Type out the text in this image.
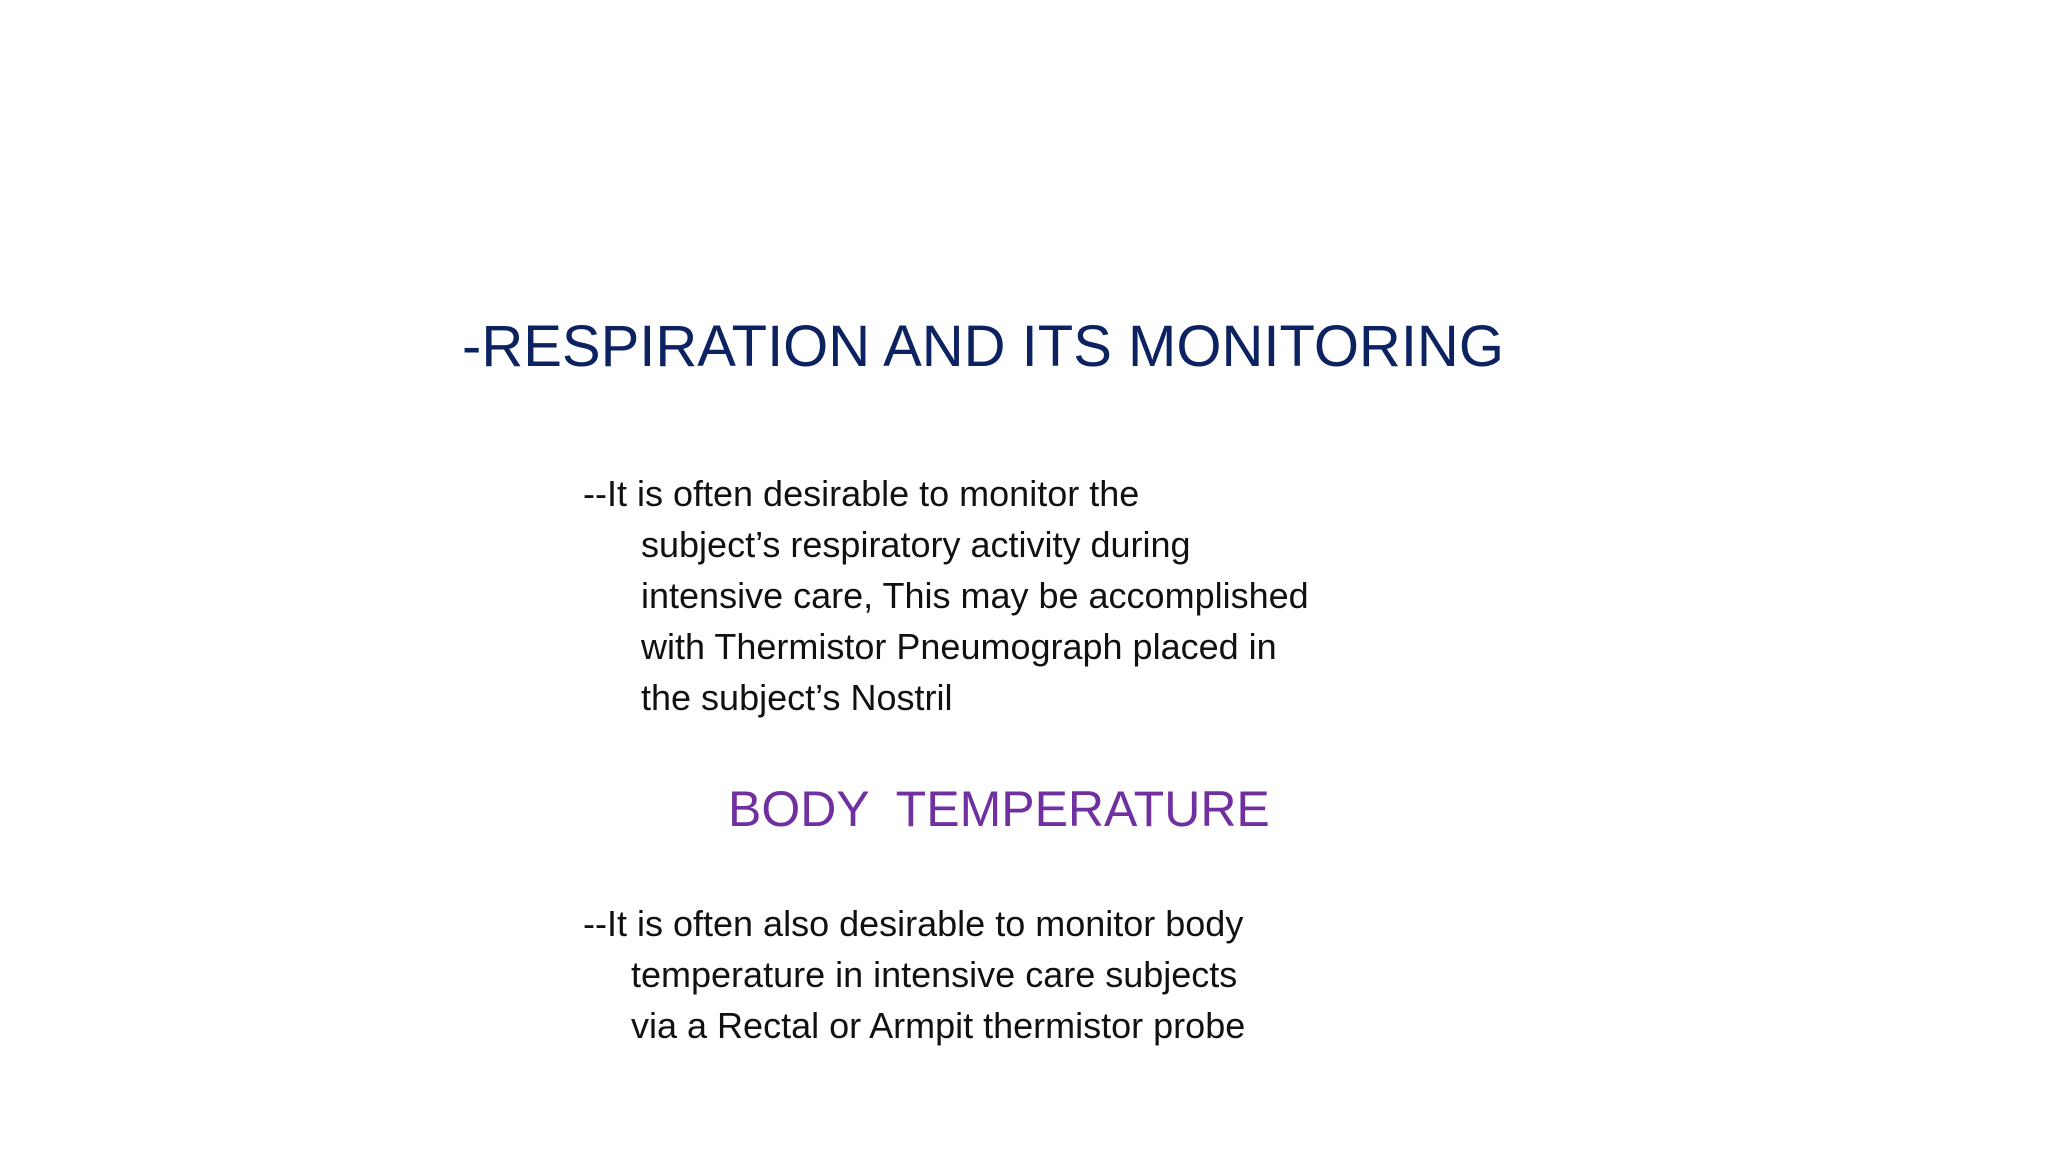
-RESPIRATION AND ITS MONITORING

--It is often desirable to monitor the
subject’s respiratory activity during
intensive care, This may be accomplished
with Thermistor Pneumograph placed in
the subject’s Nostril

BODY  TEMPERATURE

--It is often also desirable to monitor body
temperature in intensive care subjects
via a Rectal or Armpit thermistor probe
